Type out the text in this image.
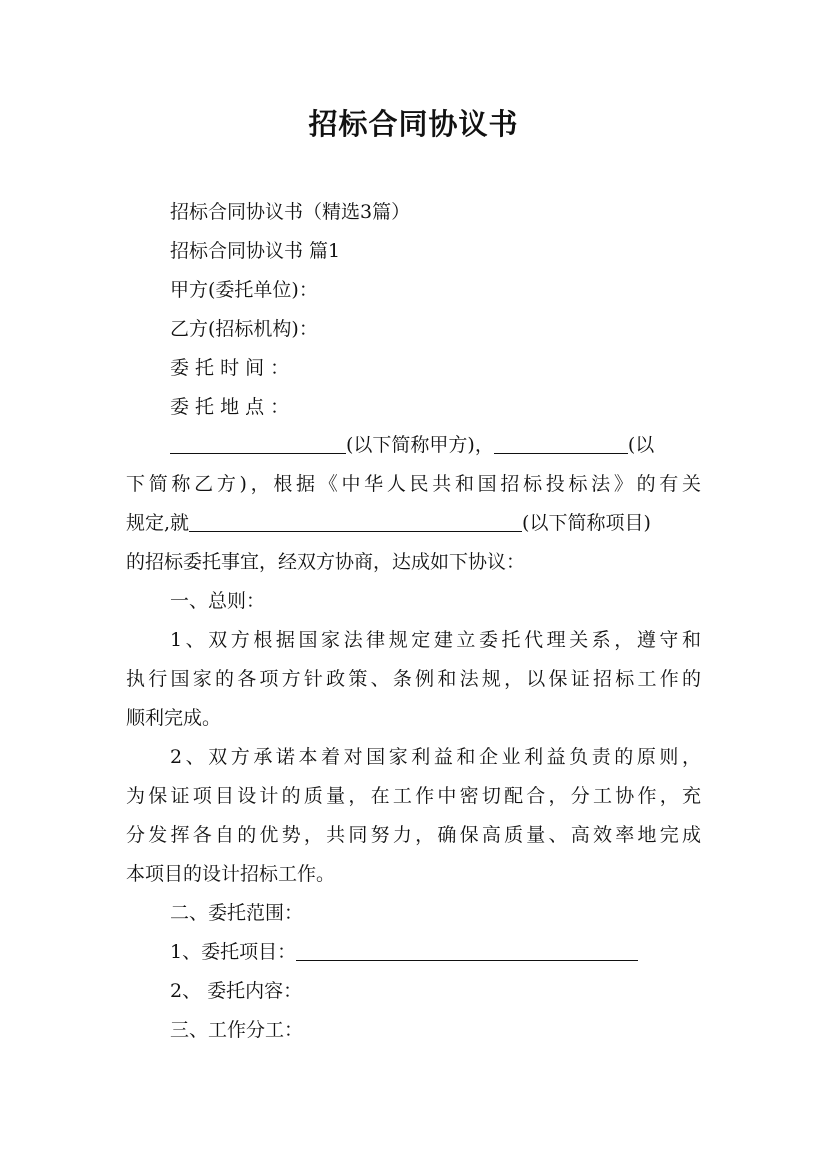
招标合同协议书
招标合同协议书（精选3篇）
招标合同协议书 篇1
甲方(委托单位)：
乙方(招标机构)：
委 托 时 间 ：
委 托 地 点 ：
(以下简称甲方)，	(以
下简称乙方)，根据《中华人民共和国招标投标法》的有关
规定,就	(以下简称项目)
的招标委托事宜，经双方协商，达成如下协议：
一、总则：
1、双方根据国家法律规定建立委托代理关系，遵守和
执行国家的各项方针政策、条例和法规，以保证招标工作的
顺利完成。
2、双方承诺本着对国家利益和企业利益负责的原则，
为保证项目设计的质量，在工作中密切配合，分工协作，充
分发挥各自的优势，共同努力，确保高质量、高效率地完成
本项目的设计招标工作。
二、委托范围：
1、委托项目：
2、 委托内容：
三、工作分工：
